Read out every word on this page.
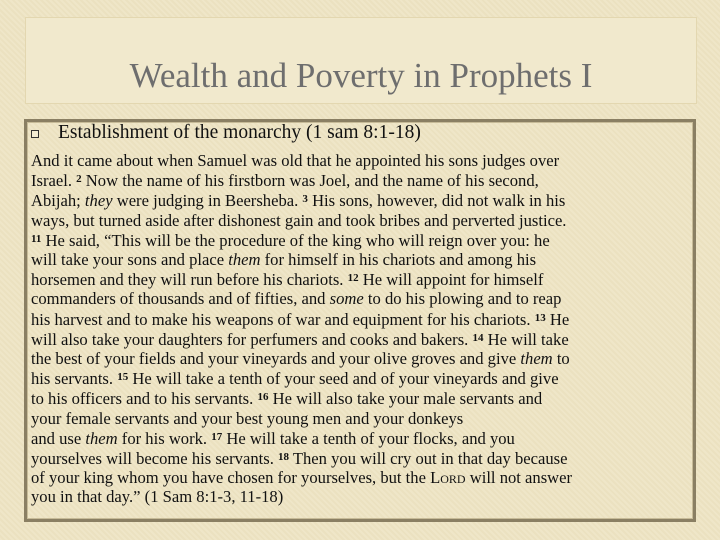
Wealth and Poverty in Prophets I
Establishment of the monarchy (1 sam 8:1-18)
And it came about when Samuel was old that he appointed his sons judges over
Israel. $^2$ Now the name of his firstborn was Joel, and the name of his second,
Abijah; they were judging in Beersheba. $^3$ His sons, however, did not walk in his
ways, but turned aside after dishonest gain and took bribes and perverted justice.
$^{11}$ He said, “This will be the procedure of the king who will reign over you: he
will take your sons and place them for himself in his chariots and among his
horsemen and they will run before his chariots. $^{12}$ He will appoint for himself
commanders of thousands and of fifties, and some to do his plowing and to reap
his harvest and to make his weapons of war and equipment for his chariots. $^{13}$ He
will also take your daughters for perfumers and cooks and bakers. $^{14}$ He will take
the best of your fields and your vineyards and your olive groves and give them to
his servants. $^{15}$ He will take a tenth of your seed and of your vineyards and give
to his officers and to his servants. $^{16}$ He will also take your male servants and
your female servants and your best young men and your donkeys
and use them for his work. $^{17}$ He will take a tenth of your flocks, and you
yourselves will become his servants. $^{18}$ Then you will cry out in that day because
of your king whom you have chosen for yourselves, but the Lord will not answer
you in that day.” (1 Sam 8:1-3, 11-18)
